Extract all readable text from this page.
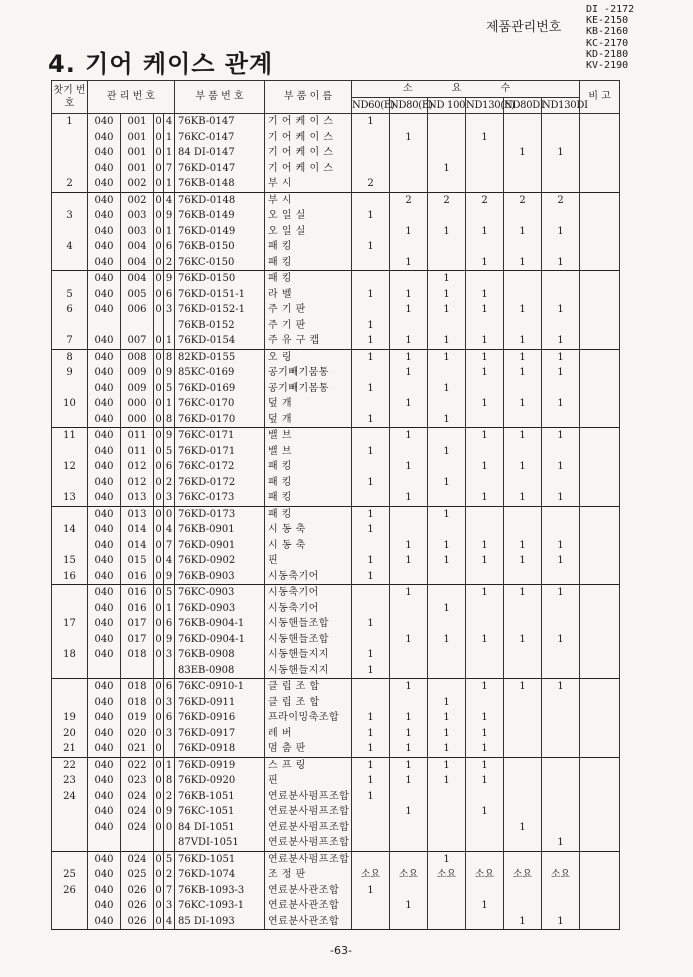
제품관리번호
DI -2172
KE-2150
KB-2160
KC-2170
KD-2180
KV-2190
4. 기어 케이스 관계
찻기 번호	관 리 번 호				부 품 번 호	부 품 이 름	소 요 수						비 고
							ND60(E)	ND80(E)	ND 100	ND130(E)	ND80DI	ND130DI	
1	040	001	0	4	76KB-0147	기 어 케 이 스	1						
	040	001	0	1	76KC-0147	기 어 케 이 스		1		1			
	040	001	0	1	84 DI-0147	기 어 케 이 스					1	1	
	040	001	0	7	76KD-0147	기 어 케 이 스			1				
2	040	002	0	1	76KB-0148	부 시	2						
	040	002	0	4	76KD-0148	부 시		2	2	2	2	2	
3	040	003	0	9	76KB-0149	오 일 실	1						
	040	003	0	1	76KD-0149	오 일 실		1	1	1	1	1	
4	040	004	0	6	76KB-0150	패 킹	1						
	040	004	0	2	76KC-0150	패 킹		1		1	1	1	
	040	004	0	9	76KD-0150	패 킹			1				
5	040	005	0	6	76KD-0151-1	라 벨	1	1	1	1			
6	040	006	0	3	76KD-0152-1	주 기 판		1	1	1	1	1	
					76KB-0152	주 기 판	1						
7	040	007	0	1	76KD-0154	주 유 구 캡	1	1	1	1	1	1	
8	040	008	0	8	82KD-0155	오 링	1	1	1	1	1	1	
9	040	009	0	9	85KC-0169	공기빼기뭄통		1		1	1	1	
	040	009	0	5	76KD-0169	공기빼기몸통	1		1				
10	040	000	0	1	76KC-0170	덮 개		1		1	1	1	
	040	000	0	8	76KD-0170	덮 개	1		1				
11	040	011	0	9	76KC-0171	밸 브		1		1	1	1	
	040	011	0	5	76KD-0171	밸 브	1		1				
12	040	012	0	6	76KC-0172	패 킹		1		1	1	1	
	040	012	0	2	76KD-0172	패 킹	1		1				
13	040	013	0	3	76KC-0173	패 킹		1		1	1	1	
	040	013	0	0	76KD-0173	패 킹	1		1				
14	040	014	0	4	76KB-0901	시 동 축	1						
	040	014	0	7	76KD-0901	시 동 축		1	1	1	1	1	
15	040	015	0	4	76KD-0902	핀	1	1	1	1	1	1	
16	040	016	0	9	76KB-0903	시동축기어	1						
	040	016	0	5	76KC-0903	시동축기어		1		1	1	1	
	040	016	0	1	76KD-0903	시동축기어			1				
17	040	017	0	6	76KB-0904-1	시동핸들조합	1						
	040	017	0	9	76KD-0904-1	시동핸들조합		1	1	1	1	1	
18	040	018	0	3	76KB-0908	시동핸들지지	1						
					83EB-0908	시동핸들지지	1						
	040	018	0	6	76KC-0910-1	클 립 조 합		1		1	1	1	
	040	018	0	3	76KD-0911	클 립 조 합			1				
19	040	019	0	6	76KD-0916	프라이밍축조합	1	1	1	1			
20	040	020	0	3	76KD-0917	레 버	1	1	1	1			
21	040	021	0		76KD-0918	멈 춤 판	1	1	1	1			
22	040	022	0	1	76KD-0919	스 프 링	1	1	1	1			
23	040	023	0	8	76KD-0920	핀	1	1	1	1			
24	040	024	0	2	76KB-1051	연료분사펌프조합	1						
	040	024	0	9	76KC-1051	연료분사펌프조합		1		1			
	040	024	0	0	84 DI-1051	연료분사펌프조합					1		
					87VDI-1051	연료분사펌프조합						1	
	040	024	0	5	76KD-1051	연료분사펌프조합			1				
25	040	025	0	2	76KD-1074	조 정 판	소요	소요	소요	소요	소요	소요	
26	040	026	0	7	76KB-1093-3	연료분사관조합	1						
	040	026	0	3	76KC-1093-1	연료분사관조합		1		1			
	040	026	0	4	85 DI-1093	연료분사관조합					1	1	
-63-
